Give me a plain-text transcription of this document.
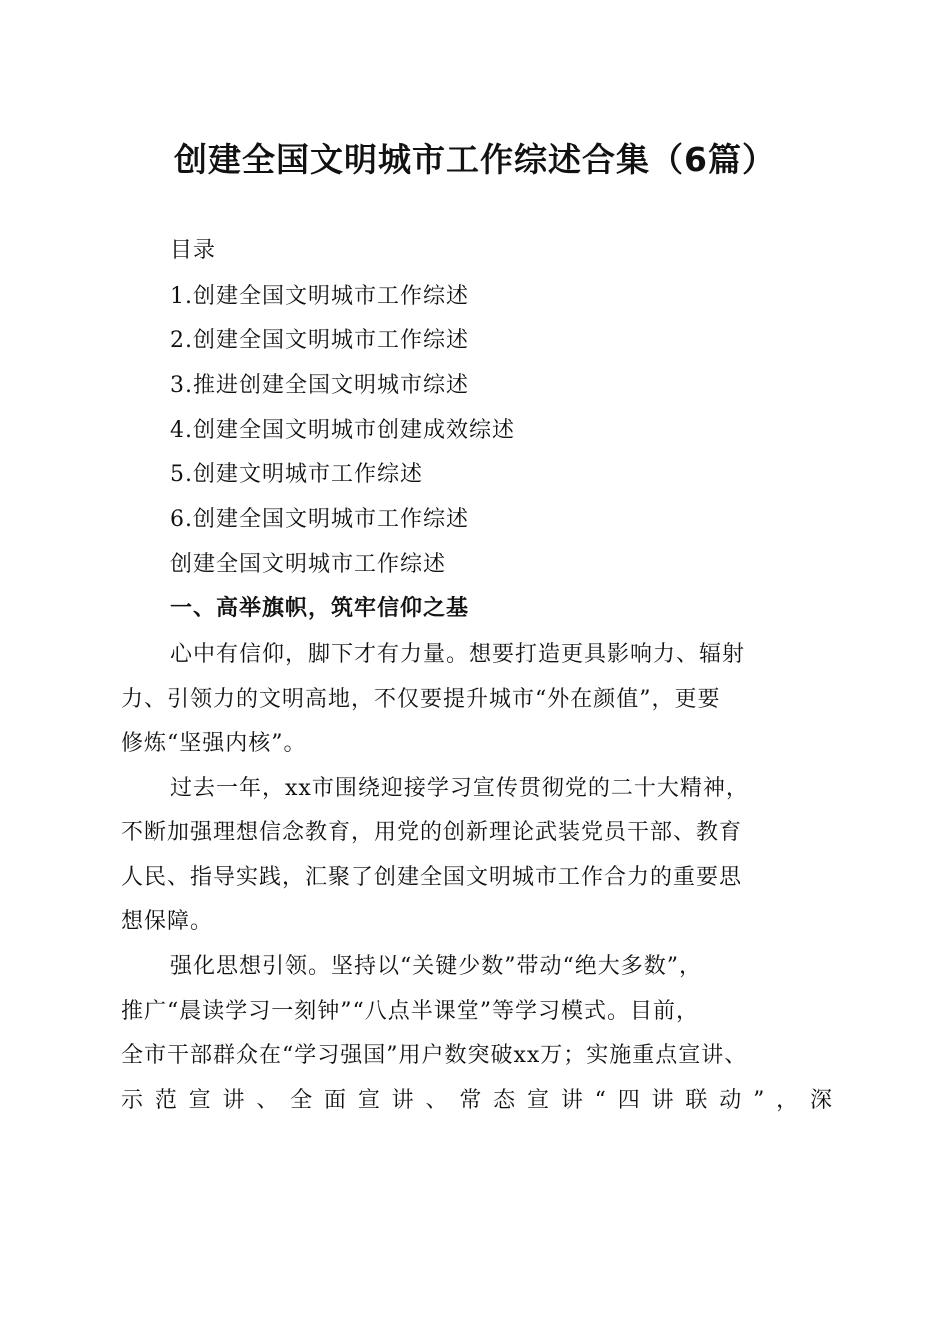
创建全国文明城市工作综述合集（6篇）
目录
1.创建全国文明城市工作综述
2.创建全国文明城市工作综述
3.推进创建全国文明城市综述
4.创建全国文明城市创建成效综述
5.创建文明城市工作综述
6.创建全国文明城市工作综述
创建全国文明城市工作综述
一、高举旗帜，筑牢信仰之基
心中有信仰，脚下才有力量。想要打造更具影响力、辐射
力、引领力的文明高地，不仅要提升城市“外在颜值”，更要
修炼“坚强内核”。
过去一年，xx市围绕迎接学习宣传贯彻党的二十大精神，
不断加强理想信念教育，用党的创新理论武装党员干部、教育
人民、指导实践，汇聚了创建全国文明城市工作合力的重要思
想保障。
强化思想引领。坚持以“关键少数”带动“绝大多数”，
推广“晨读学习一刻钟”“八点半课堂”等学习模式。目前，
全市干部群众在“学习强国”用户数突破xx万；实施重点宣讲、
示范宣讲、全面宣讲、常态宣讲“四讲联动”，深
